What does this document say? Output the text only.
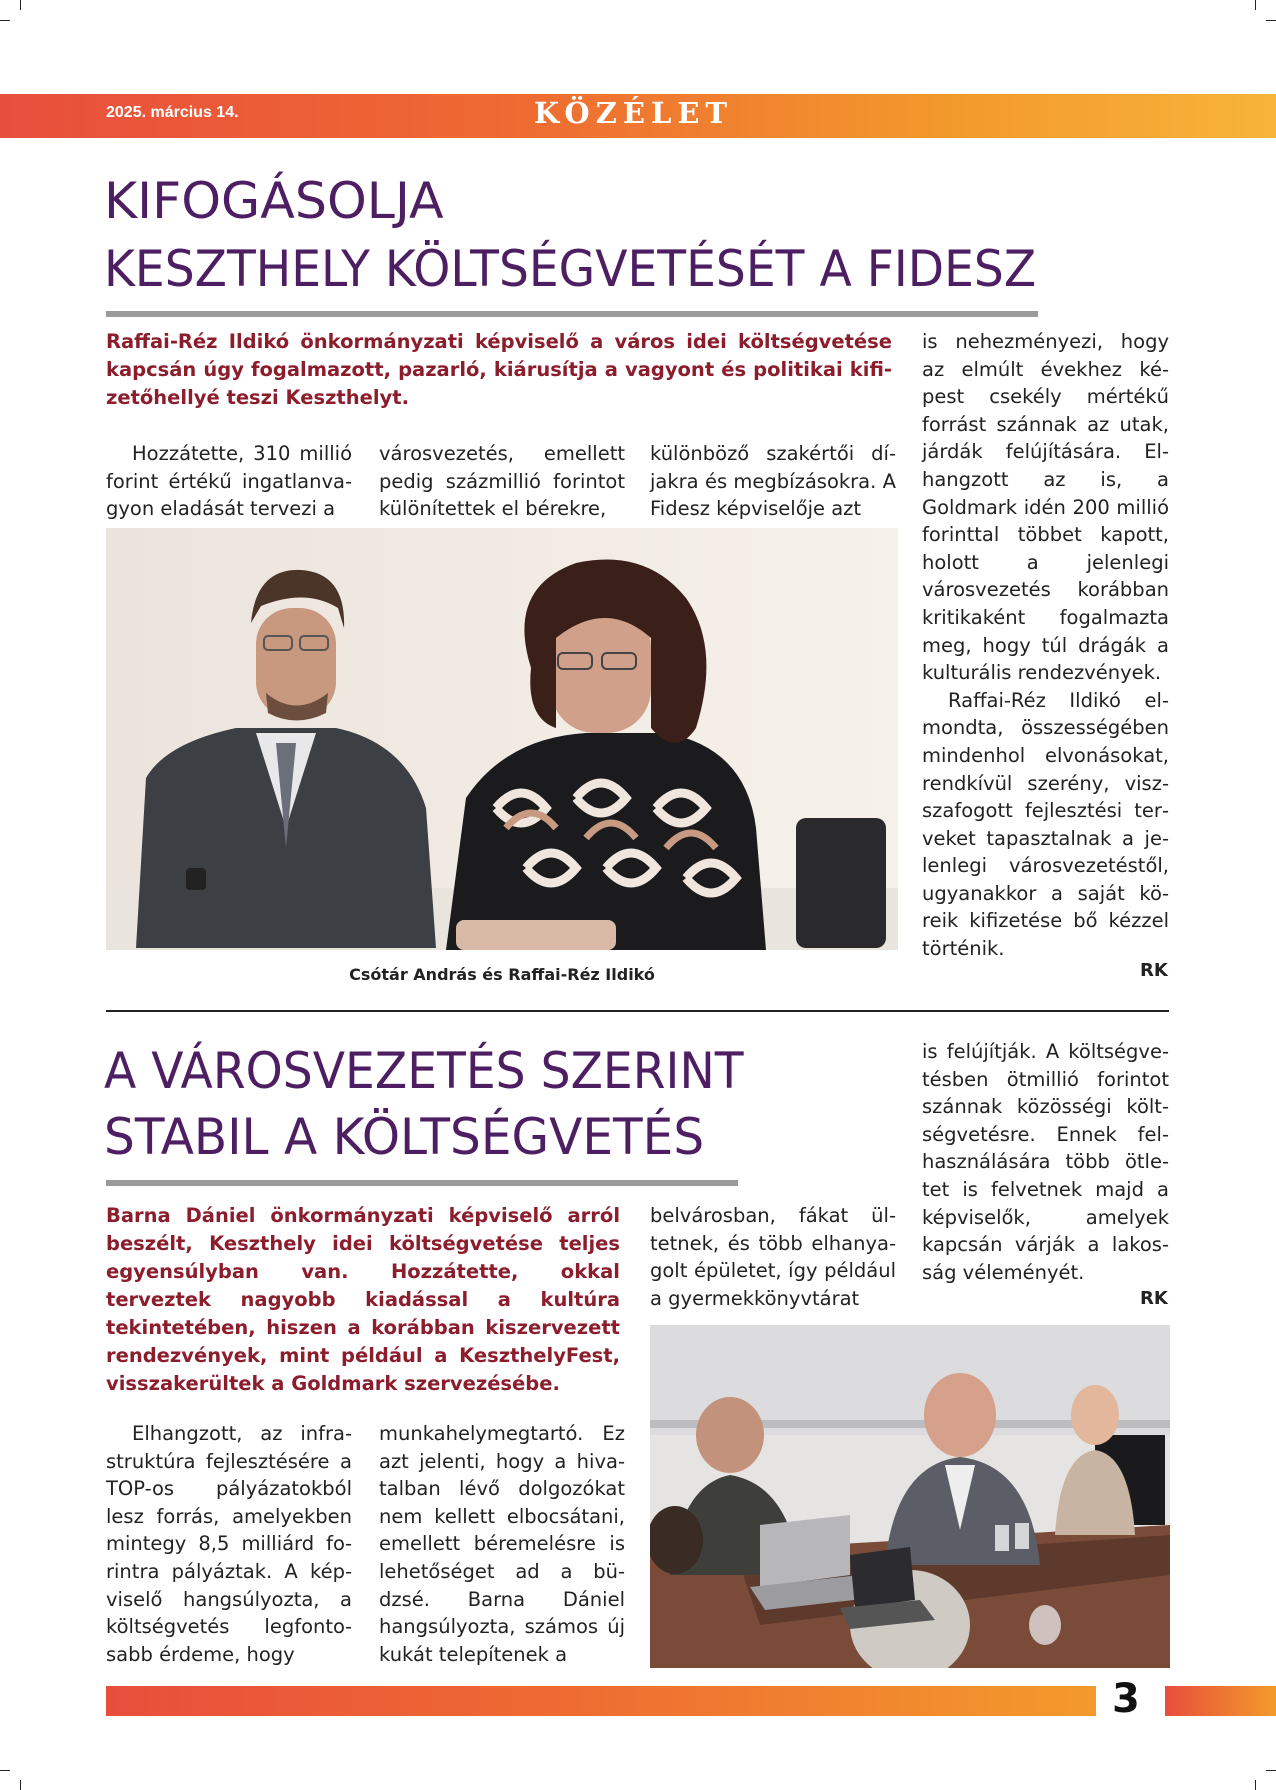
2025. március 14.	KÖZÉLET
KIFOGÁSOLJA
KESZTHELY KÖLTSÉGVETÉSÉT A FIDESZ
Raffai-Réz Ildikó önkormányzati képviselő a város idei költségvetése kapcsán úgy fogalmazott, pazarló, kiárusítja a vagyont és politikai kifizetőhellyé teszi Keszthelyt.

Hozzátette, 310 millió forint értékű ingatlanvagyon eladását tervezi a

városvezetés, emellett pedig százmillió forintot különítettek el bérekre,

különböző szakértői díjakra és megbízásokra. A Fidesz képviselője azt

is nehezményezi, hogy az elmúlt évekhez képest csekély mértékű forrást szánnak az utak, járdák felújítására. Elhangzott az is, a Goldmark idén 200 millió forinttal többet kapott, holott a jelenlegi városvezetés korábban kritikaként fogalmazta meg, hogy túl drágák a kulturális rendezvények.

Raffai-Réz Ildikó elmondta, összességében mindenhol elvonásokat, rendkívül szerény, viszszafogott fejlesztési terveket tapasztalnak a jelenlegi városvezetéstől, ugyanakkor a saját köreik kifizetése bő kézzel történik.

RK
Csótár András és Raffai-Réz Ildikó
A VÁROSVEZETÉS SZERINT
STABIL A KÖLTSÉGVETÉS
Barna Dániel önkormányzati képviselő arról beszélt, Keszthely idei költségvetése teljes egyensúlyban van. Hozzátette, okkal terveztek nagyobb kiadással a kultúra tekintetében, hiszen a korábban kiszervezett rendezvények, mint például a KeszthelyFest, visszakerültek a Goldmark szervezésébe.

Elhangzott, az infrastruktúra fejlesztésére a TOP-os pályázatokból lesz forrás, amelyekben mintegy 8,5 milliárd forintra pályáztak. A képviselő hangsúlyozta, a költségvetés legfontosabb érdeme, hogy

munkahelymegtartó. Ez azt jelenti, hogy a hivatalban lévő dolgozókat nem kellett elbocsátani, emellett béremelésre is lehetőséget ad a büdzsé. Barna Dániel hangsúlyozta, számos új kukát telepítenek a

belvárosban, fákat ültetnek, és több elhanyagolt épületet, így például a gyermekkönyvtárat

is felújítják. A költségvetésben ötmillió forintot szánnak közösségi költségvetésre. Ennek felhasználására több ötletet is felvetnek majd a képviselők, amelyek kapcsán várják a lakosság véleményét.

RK
3
